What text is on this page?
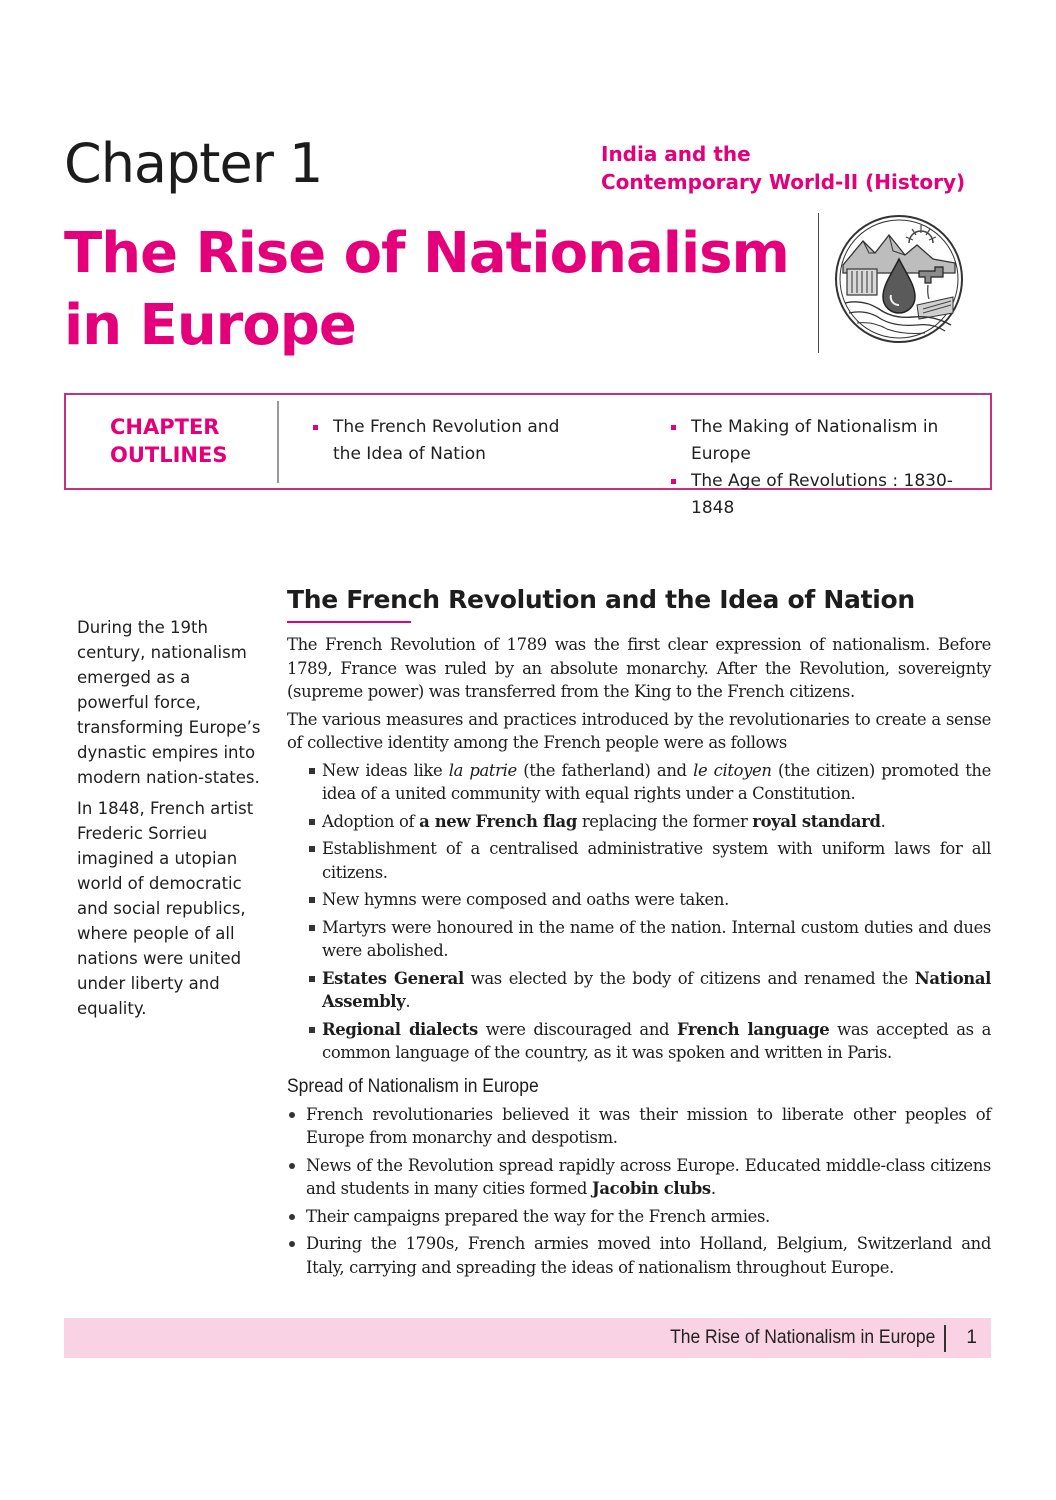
Chapter 1	India and the
Contemporary World-II (History)
The Rise of Nationalism
in Europe
CHAPTER
OUTLINES
The French Revolution and
the Idea of Nation
The Making of Nationalism in Europe
The Age of Revolutions : 1830-1848

During the 19th century, nationalism emerged as a powerful force, transforming Europe’s dynastic empires into modern nation-states.

In 1848, French artist Frederic Sorrieu imagined a utopian world of democratic and social republics, where people of all nations were united under liberty and equality.

The French Revolution and the Idea of Nation

The French Revolution of 1789 was the first clear expression of nationalism. Before 1789, France was ruled by an absolute monarchy. After the Revolution, sovereignty (supreme power) was transferred from the King to the French citizens.

The various measures and practices introduced by the revolutionaries to create a sense of collective identity among the French people were as follows

New ideas like la patrie (the fatherland) and le citoyen (the citizen) promoted the idea of a united community with equal rights under a Constitution.
Adoption of a new French flag replacing the former royal standard.
Establishment of a centralised administrative system with uniform laws for all citizens.
New hymns were composed and oaths were taken.
Martyrs were honoured in the name of the nation. Internal custom duties and dues were abolished.
Estates General was elected by the body of citizens and renamed the National Assembly.
Regional dialects were discouraged and French language was accepted as a common language of the country, as it was spoken and written in Paris.
Spread of Nationalism in Europe
French revolutionaries believed it was their mission to liberate other peoples of Europe from monarchy and despotism.
News of the Revolution spread rapidly across Europe. Educated middle-class citizens and students in many cities formed Jacobin clubs.
Their campaigns prepared the way for the French armies.
During the 1790s, French armies moved into Holland, Belgium, Switzerland and Italy, carrying and spreading the ideas of nationalism throughout Europe.
The Rise of Nationalism in Europe 1
